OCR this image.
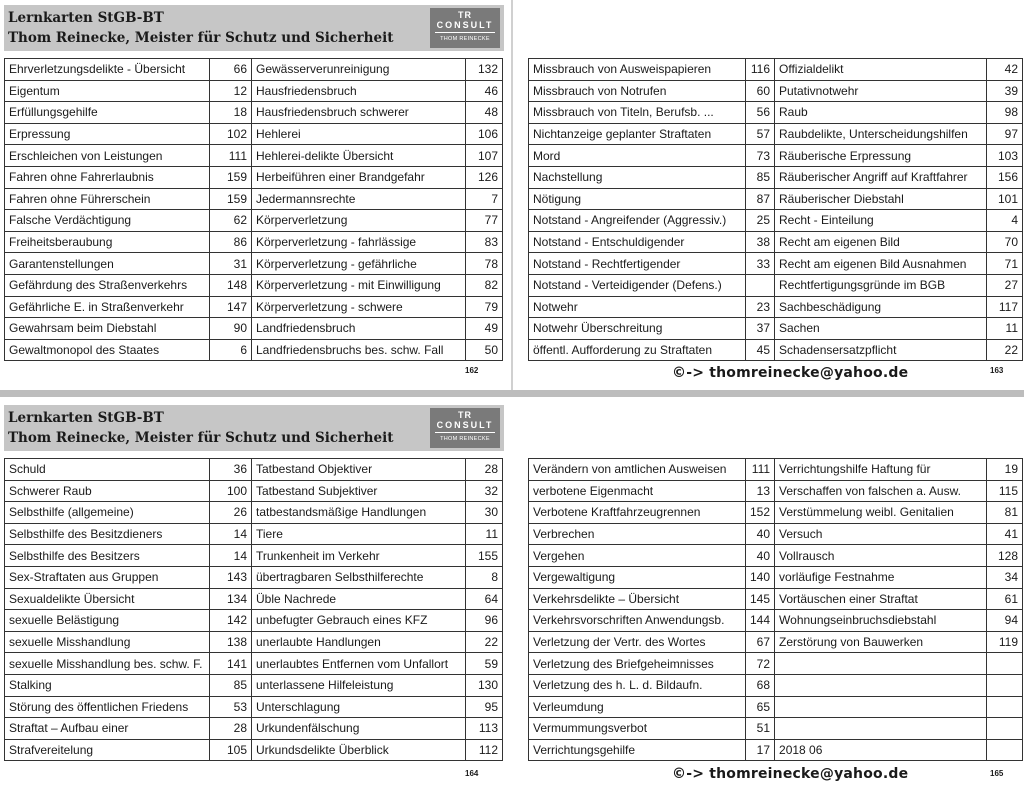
Lernkarten StGB-BT
Thom Reinecke, Meister für Schutz und Sicherheit
TR
CONSULT
THOM REINECKE
Ehrverletzungsdelikte - Übersicht	66	Gewässerverunreinigung	132
Eigentum	12	Hausfriedensbruch	46
Erfüllungsgehilfe	18	Hausfriedensbruch schwerer	48
Erpressung	102	Hehlerei	106
Erschleichen von Leistungen	111	Hehlerei-delikte Übersicht	107
Fahren ohne Fahrerlaubnis	159	Herbeiführen einer Brandgefahr	126
Fahren ohne Führerschein	159	Jedermannsrechte	7
Falsche Verdächtigung	62	Körperverletzung	77
Freiheitsberaubung	86	Körperverletzung - fahrlässige	83
Garantenstellungen	31	Körperverletzung - gefährliche	78
Gefährdung des Straßenverkehrs	148	Körperverletzung - mit Einwilligung	82
Gefährliche E. in Straßenverkehr	147	Körperverletzung - schwere	79
Gewahrsam beim Diebstahl	90	Landfriedensbruch	49
Gewaltmonopol des Staates	6	Landfriedensbruchs bes. schw. Fall	50
162
Missbrauch von Ausweispapieren	116	Offizialdelikt	42
Missbrauch von Notrufen	60	Putativnotwehr	39
Missbrauch von Titeln, Berufsb. ...	56	Raub	98
Nichtanzeige geplanter Straftaten	57	Raubdelikte, Unterscheidungshilfen	97
Mord	73	Räuberische Erpressung	103
Nachstellung	85	Räuberischer Angriff auf Kraftfahrer	156
Nötigung	87	Räuberischer Diebstahl	101
Notstand - Angreifender (Aggressiv.)	25	Recht - Einteilung	4
Notstand - Entschuldigender	38	Recht am eigenen Bild	70
Notstand - Rechtfertigender	33	Recht am eigenen Bild Ausnahmen	71
Notstand - Verteidigender (Defens.)		Rechtfertigungsgründe im BGB	27
Notwehr	23	Sachbeschädigung	117
Notwehr Überschreitung	37	Sachen	11
öffentl. Aufforderung zu Straftaten	45	Schadensersatzpflicht	22
©-> thomreinecke@yahoo.de	163
Lernkarten StGB-BT
Thom Reinecke, Meister für Schutz und Sicherheit
TR
CONSULT
THOM REINECKE
Schuld	36	Tatbestand Objektiver	28
Schwerer Raub	100	Tatbestand Subjektiver	32
Selbsthilfe (allgemeine)	26	tatbestandsmäßige Handlungen	30
Selbsthilfe des Besitzdieners	14	Tiere	11
Selbsthilfe des Besitzers	14	Trunkenheit im Verkehr	155
Sex-Straftaten aus Gruppen	143	übertragbaren Selbsthilferechte	8
Sexualdelikte Übersicht	134	Üble Nachrede	64
sexuelle Belästigung	142	unbefugter Gebrauch eines KFZ	96
sexuelle Misshandlung	138	unerlaubte Handlungen	22
sexuelle Misshandlung bes. schw. F.	141	unerlaubtes Entfernen vom Unfallort	59
Stalking	85	unterlassene Hilfeleistung	130
Störung des öffentlichen Friedens	53	Unterschlagung	95
Straftat – Aufbau einer	28	Urkundenfälschung	113
Strafvereitelung	105	Urkundsdelikte Überblick	112
164
Verändern von amtlichen Ausweisen	111	Verrichtungshilfe Haftung für	19
verbotene Eigenmacht	13	Verschaffen von falschen a. Ausw.	115
Verbotene Kraftfahrzeugrennen	152	Verstümmelung weibl. Genitalien	81
Verbrechen	40	Versuch	41
Vergehen	40	Vollrausch	128
Vergewaltigung	140	vorläufige Festnahme	34
Verkehrsdelikte – Übersicht	145	Vortäuschen einer Straftat	61
Verkehrsvorschriften Anwendungsb.	144	Wohnungseinbruchsdiebstahl	94
Verletzung der Vertr. des Wortes	67	Zerstörung von Bauwerken	119
Verletzung des Briefgeheimnisses	72		
Verletzung des h. L. d. Bildaufn.	68		
Verleumdung	65		
Vermummungsverbot	51		
Verrichtungsgehilfe	17	2018 06	
©-> thomreinecke@yahoo.de	165
